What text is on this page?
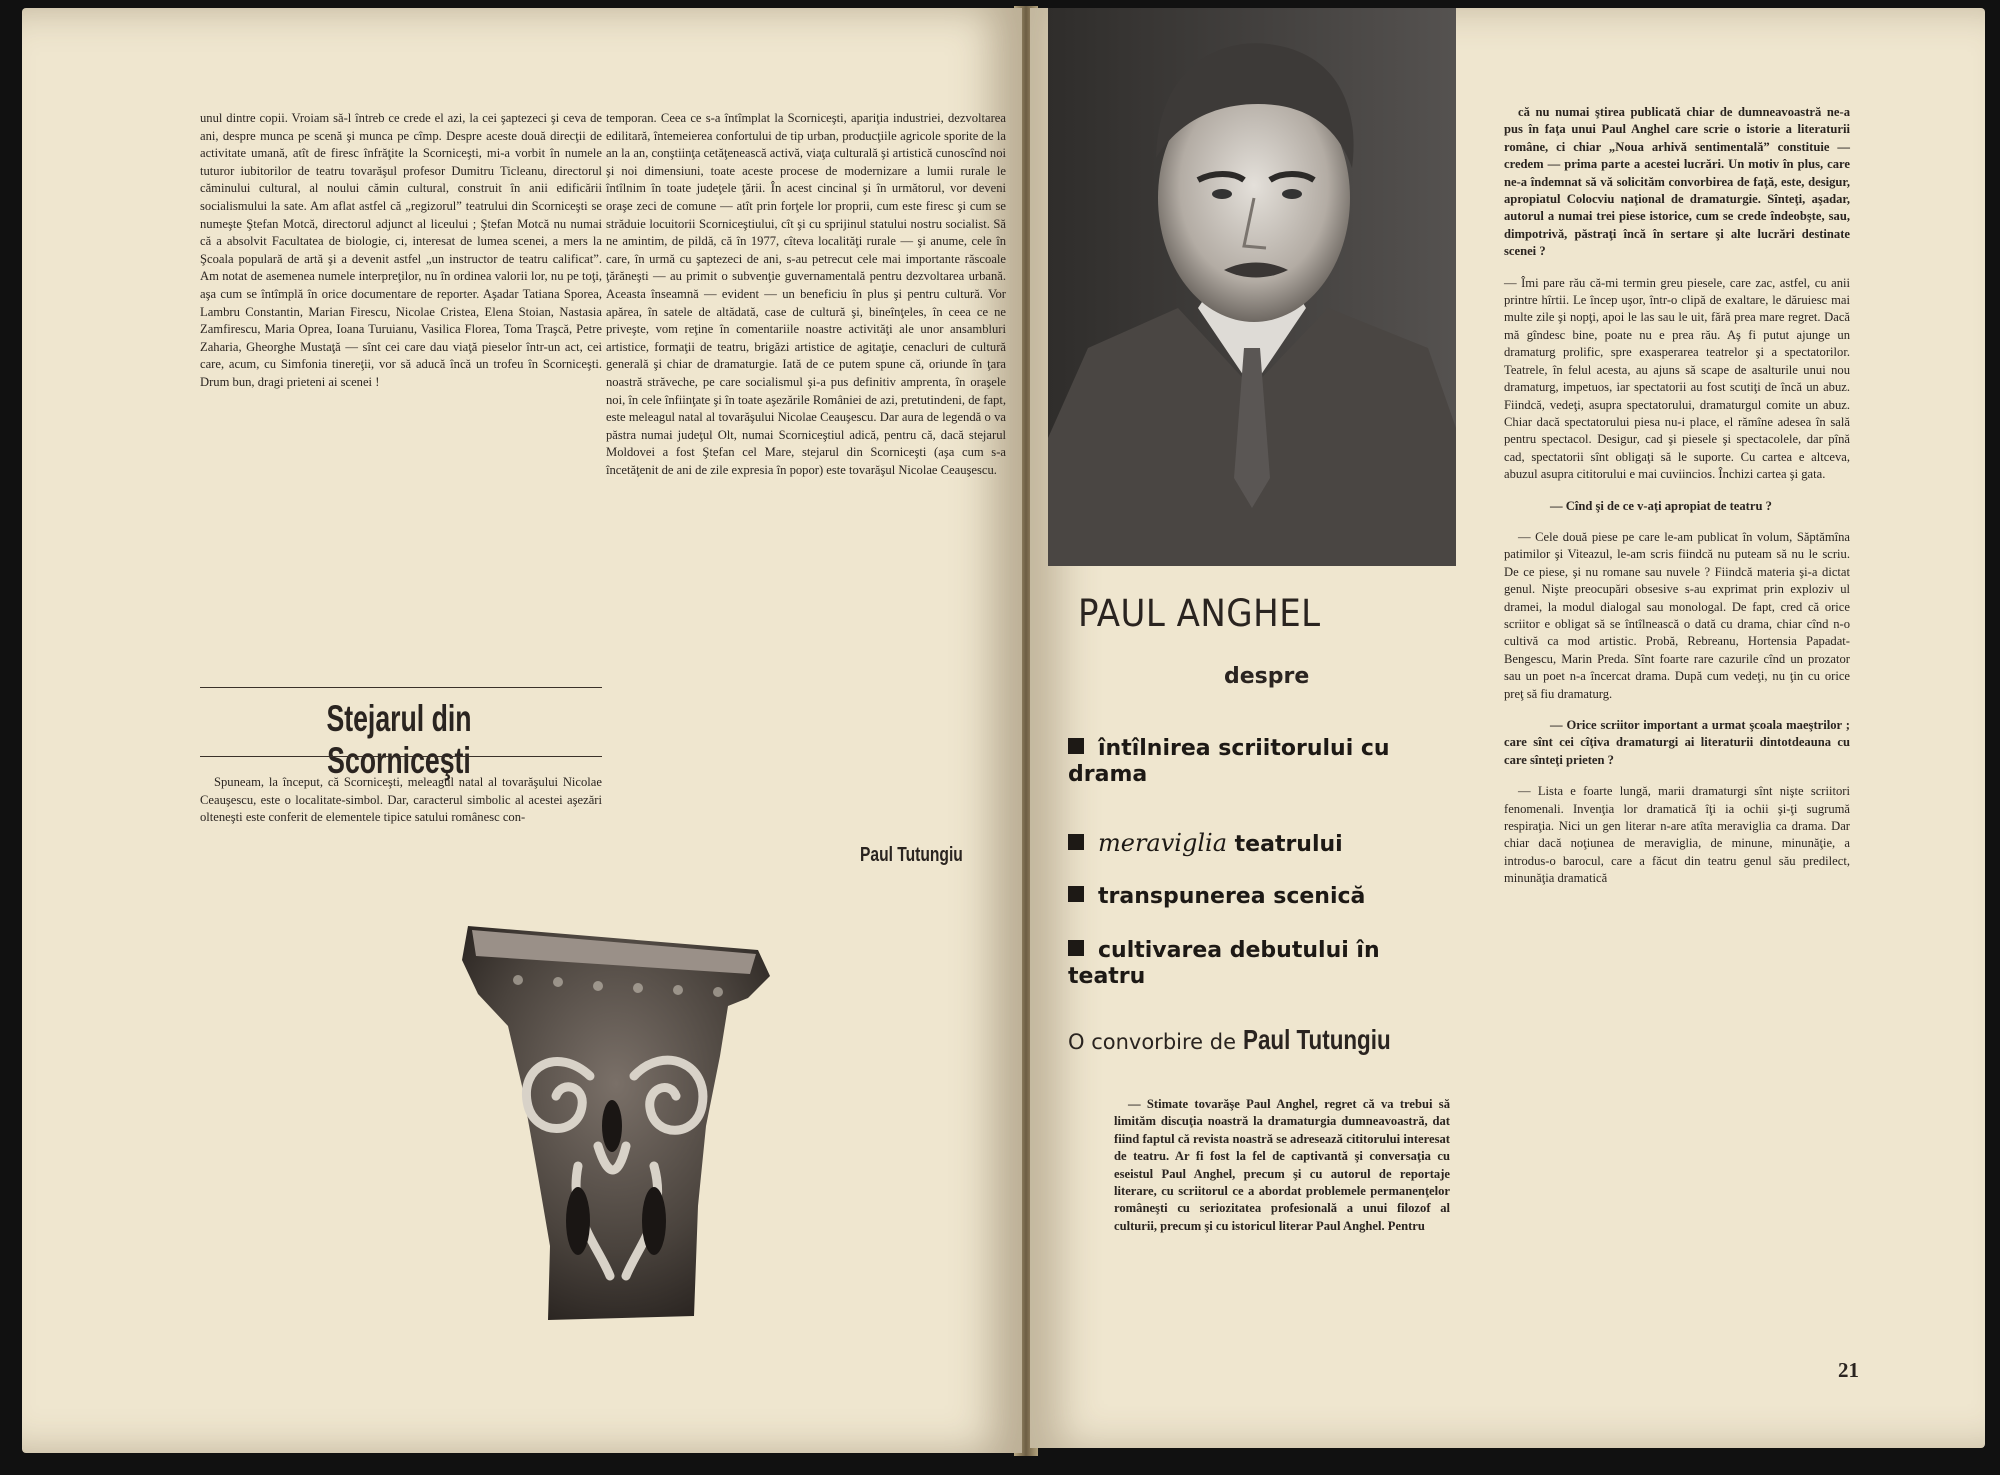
unul dintre copii. Vroiam să-l întreb ce crede el azi, la cei şaptezeci şi ceva de ani, despre munca pe scenă şi munca pe cîmp. Despre aceste două direcţii de activitate umană, atît de firesc înfrăţite la Scorniceşti, mi-a vorbit în numele tuturor iubitorilor de teatru tovarăşul profesor Dumitru Ticleanu, directorul căminului cultural, al noului cămin cultural, construit în anii edificării socialismului la sate. Am aflat astfel că „regizorul” teatrului din Scorniceşti se numeşte Ştefan Motcă, directorul adjunct al liceului ; Ştefan Motcă nu numai că a absolvit Facultatea de biologie, ci, interesat de lumea scenei, a mers la Şcoala populară de artă şi a devenit astfel „un instructor de teatru calificat”. Am notat de asemenea numele interpreţilor, nu în ordinea valorii lor, nu pe toţi, aşa cum se întîmplă în orice documentare de reporter. Aşadar Tatiana Sporea, Lambru Constantin, Marian Firescu, Nicolae Cristea, Elena Stoian, Nastasia Zamfirescu, Maria Oprea, Ioana Turuianu, Vasilica Florea, Toma Traşcă, Petre Zaharia, Gheorghe Mustaţă — sînt cei care dau viaţă pieselor într-un act, cei care, acum, cu Simfonia tinereţii, vor să aducă încă un trofeu în Scorniceşti. Drum bun, dragi prieteni ai scenei !

Stejarul din Scorniceşti

Spuneam, la început, că Scorniceşti, meleagul natal al tovarăşului Nicolae Ceauşescu, este o localitate-simbol. Dar, caracterul simbolic al acestei aşezări olteneşti este conferit de elementele tipice satului românesc con-

temporan. Ceea ce s-a întîmplat la Scorniceşti, apariţia industriei, dezvoltarea edilitară, întemeierea confortului de tip urban, producţiile agricole sporite de la an la an, conştiinţa cetăţenească activă, viaţa culturală şi artistică cunoscînd noi şi noi dimensiuni, toate aceste procese de modernizare a lumii rurale le întîlnim în toate judeţele ţării. În acest cincinal şi în următorul, vor deveni oraşe zeci de comune — atît prin forţele lor proprii, cum este firesc şi cum se străduie locuitorii Scorniceştiului, cît şi cu sprijinul statului nostru socialist. Să ne amintim, de pildă, că în 1977, cîteva localităţi rurale — şi anume, cele în care, în urmă cu şaptezeci de ani, s-au petrecut cele mai importante răscoale ţărăneşti — au primit o subvenţie guvernamentală pentru dezvoltarea urbană. Aceasta înseamnă — evident — un beneficiu în plus şi pentru cultură. Vor apărea, în satele de altădată, case de cultură şi, bineînţeles, în ceea ce ne priveşte, vom reţine în comentariile noastre activităţi ale unor ansambluri artistice, formaţii de teatru, brigăzi artistice de agitaţie, cenacluri de cultură generală şi chiar de dramaturgie. Iată de ce putem spune că, oriunde în ţara noastră străveche, pe care socialismul şi-a pus definitiv amprenta, în oraşele noi, în cele înfiinţate şi în toate aşezările României de azi, pretutindeni, de fapt, este meleagul natal al tovarăşului Nicolae Ceauşescu. Dar aura de legendă o va păstra numai judeţul Olt, numai Scorniceştiul adică, pentru că, dacă stejarul Moldovei a fost Ştefan cel Mare, stejarul din Scorniceşti (aşa cum s-a încetăţenit de ani de zile expresia în popor) este tovarăşul Nicolae Ceauşescu.

Paul Tutungiu
PAUL ANGHEL
despre
întîlnirea scriitorului cu drama
meraviglia teatrului
transpunerea scenică
cultivarea debutului în teatru
O convorbire de Paul Tutungiu

— Stimate tovarăşe Paul Anghel, regret că va trebui să limităm discuţia noastră la dramaturgia dumneavoastră, dat fiind faptul că revista noastră se adresează cititorului interesat de teatru. Ar fi fost la fel de captivantă şi conversaţia cu eseistul Paul Anghel, precum şi cu autorul de reportaje literare, cu scriitorul ce a abordat problemele permanenţelor româneşti cu seriozitatea profesională a unui filozof al culturii, precum şi cu istoricul literar Paul Anghel. Pentru

că nu numai ştirea publicată chiar de dumneavoastră ne-a pus în faţa unui Paul Anghel care scrie o istorie a literaturii române, ci chiar „Noua arhivă sentimentală” constituie — credem — prima parte a acestei lucrări. Un motiv în plus, care ne-a îndemnat să vă solicităm convorbirea de faţă, este, desigur, apropiatul Colocviu naţional de dramaturgie. Sînteţi, aşadar, autorul a numai trei piese istorice, cum se crede îndeobşte, sau, dimpotrivă, păstraţi încă în sertare şi alte lucrări destinate scenei ?

— Îmi pare rău că-mi termin greu piesele, care zac, astfel, cu anii printre hîrtii. Le încep uşor, într-o clipă de exaltare, le dăruiesc mai multe zile şi nopţi, apoi le las sau le uit, fără prea mare regret. Dacă mă gîndesc bine, poate nu e prea rău. Aş fi putut ajunge un dramaturg prolific, spre exasperarea teatrelor şi a spectatorilor. Teatrele, în felul acesta, au ajuns să scape de asalturile unui nou dramaturg, impetuos, iar spectatorii au fost scutiţi de încă un abuz. Fiindcă, vedeţi, asupra spectatorului, dramaturgul comite un abuz. Chiar dacă spectatorului piesa nu-i place, el rămîne adesea în sală pentru spectacol. Desigur, cad şi piesele şi spectacolele, dar pînă cad, spectatorii sînt obligaţi să le suporte. Cu cartea e altceva, abuzul asupra cititorului e mai cuviincios. Închizi cartea şi gata.

— Cînd şi de ce v-aţi apropiat de teatru ?

— Cele două piese pe care le-am publicat în volum, Săptămîna patimilor şi Viteazul, le-am scris fiindcă nu puteam să nu le scriu. De ce piese, şi nu romane sau nuvele ? Fiindcă materia şi-a dictat genul. Nişte preocupări obsesive s-au exprimat prin exploziv ul dramei, la modul dialogal sau monologal. De fapt, cred că orice scriitor e obligat să se întîlnească o dată cu drama, chiar cînd n-o cultivă ca mod artistic. Probă, Rebreanu, Hortensia Papadat-Bengescu, Marin Preda. Sînt foarte rare cazurile cînd un prozator sau un poet n-a încercat drama. După cum vedeţi, nu ţin cu orice preţ să fiu dramaturg.

— Orice scriitor important a urmat şcoala maeştrilor ; care sînt cei cîţiva dramaturgi ai literaturii dintotdeauna cu care sînteţi prieten ?

— Lista e foarte lungă, marii dramaturgi sînt nişte scriitori fenomenali. Invenţia lor dramatică îţi ia ochii şi-ţi sugrumă respiraţia. Nici un gen literar n-are atîta meraviglia ca drama. Dar chiar dacă noţiunea de meraviglia, de minune, minunăţie, a introdus-o barocul, care a făcut din teatru genul său predilect, minunăţia dramatică

21
